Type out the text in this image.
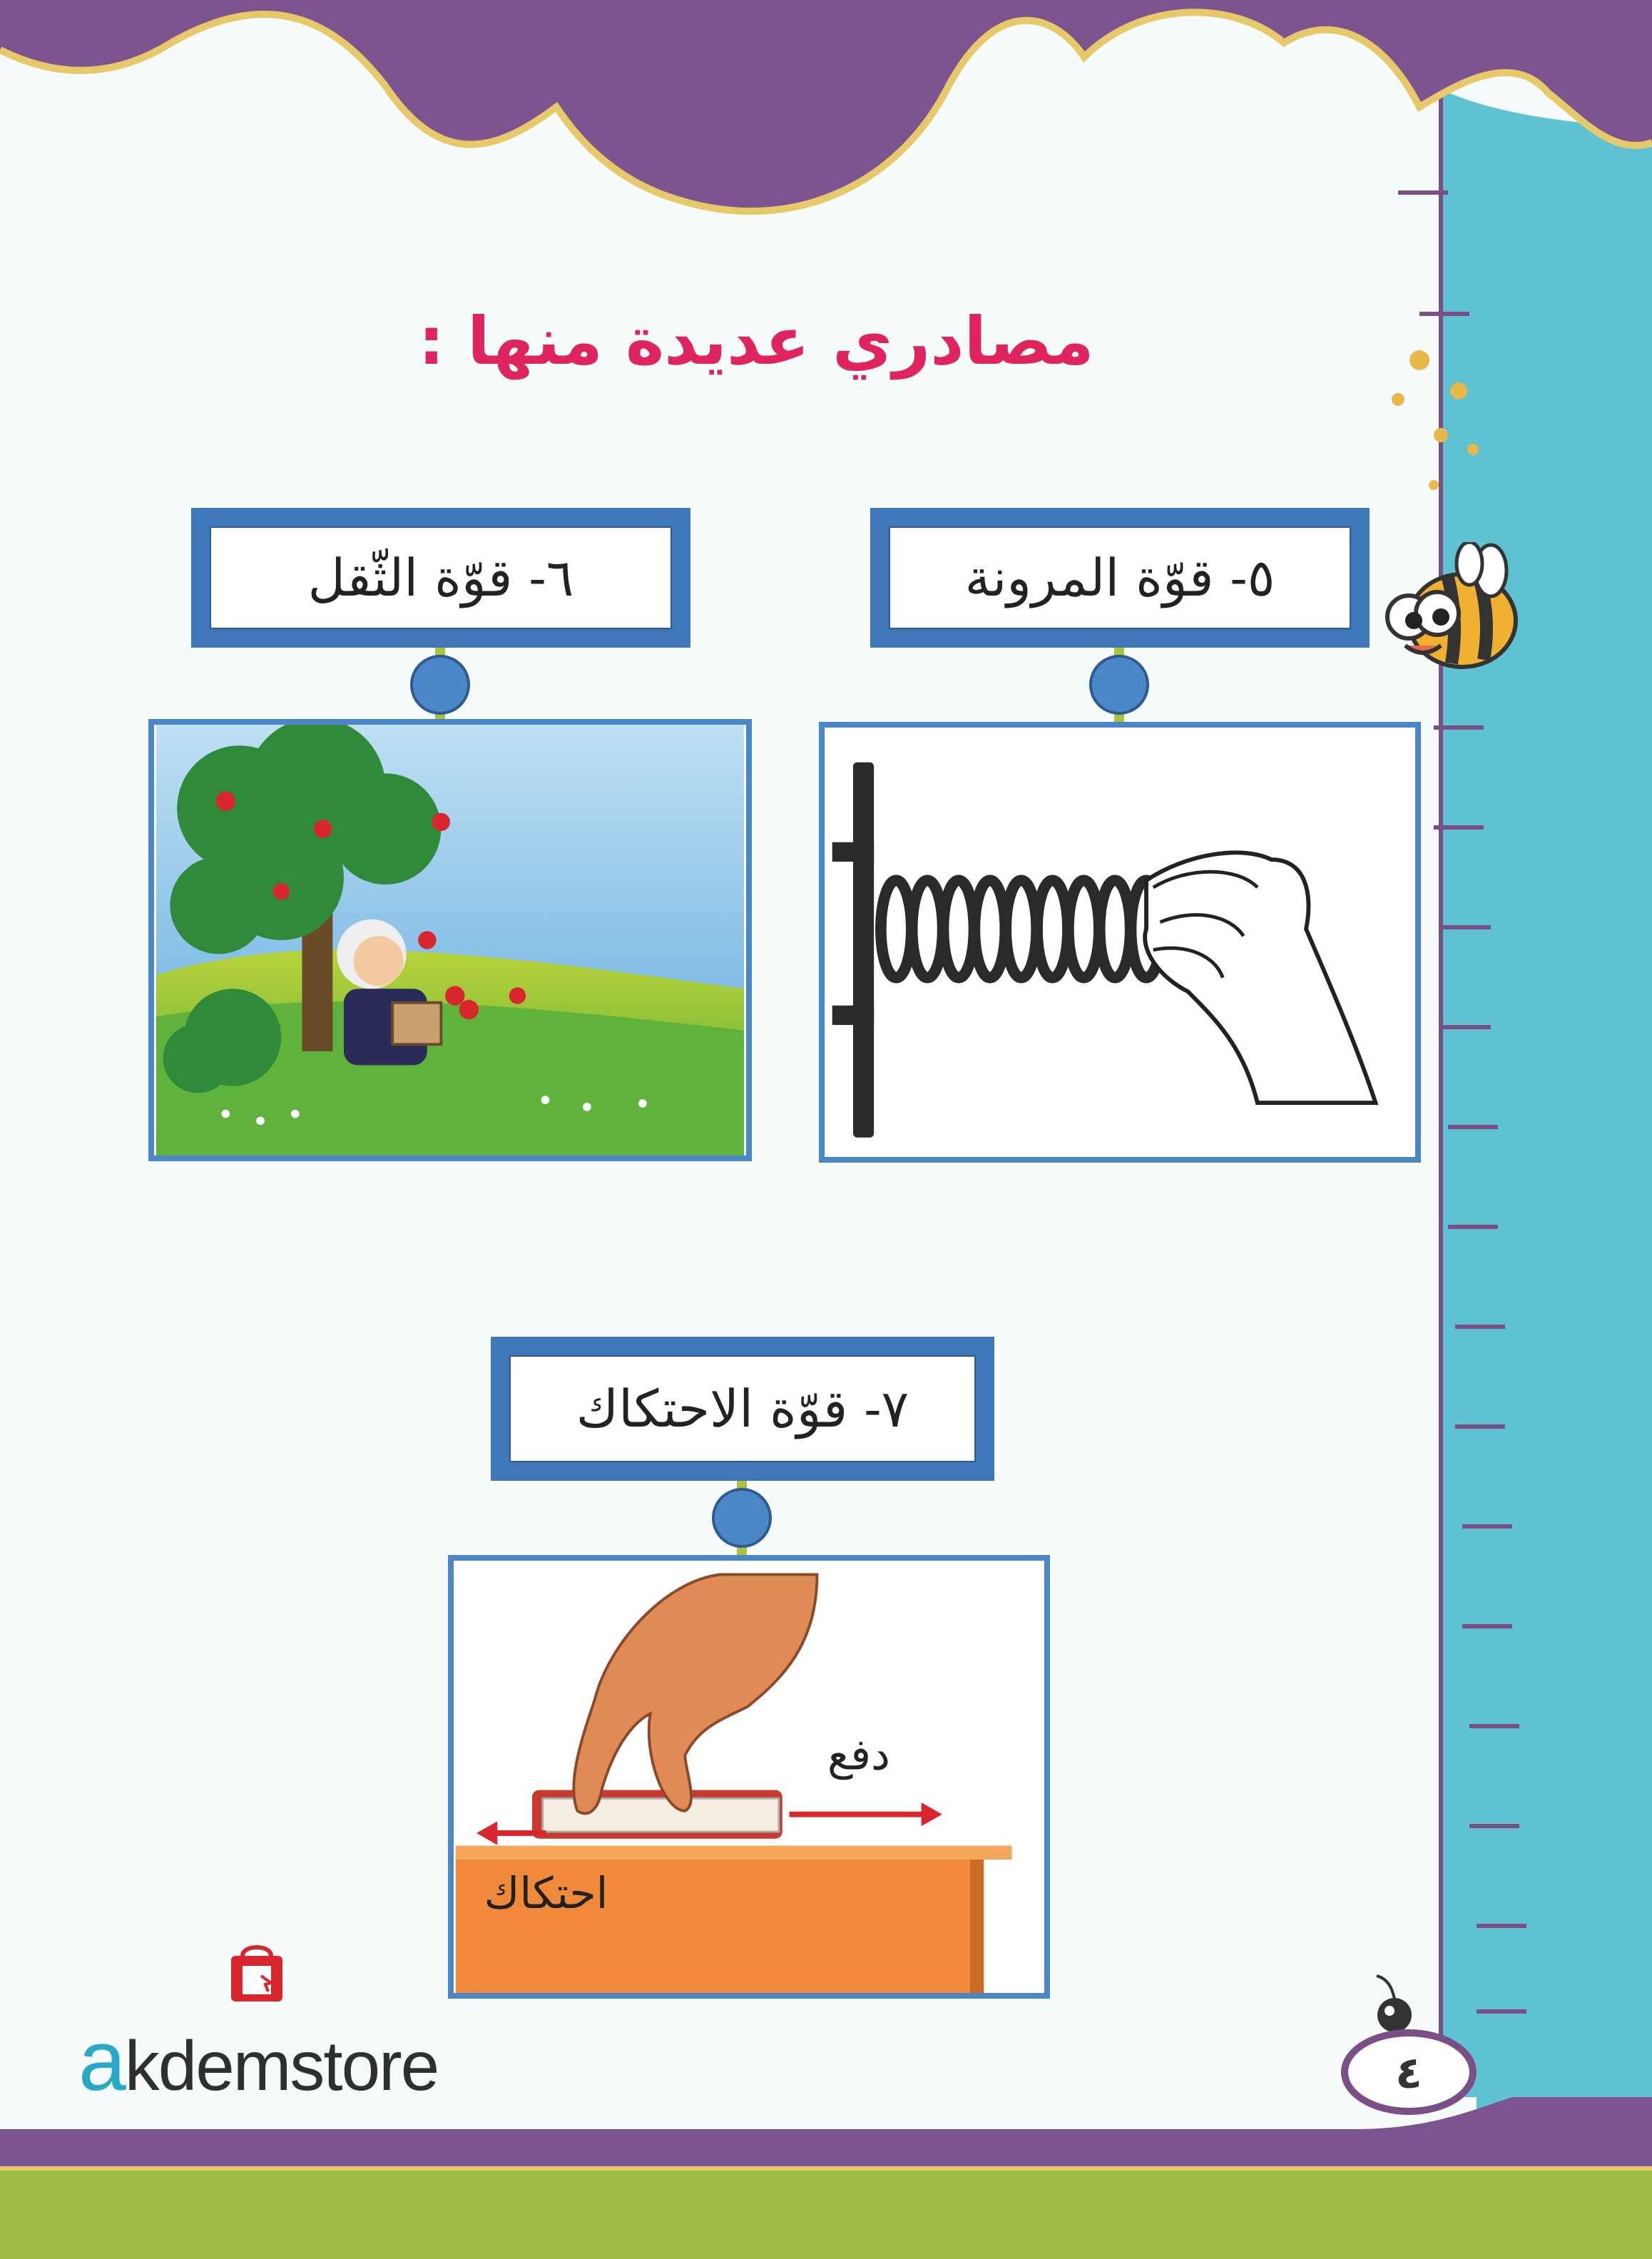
مصادري عديدة منها :
٥- قوّة المرونة
٦- قوّة الثّقل
٧- قوّة الاحتكاك
دفع
احتكاك
akdemstore	٤
